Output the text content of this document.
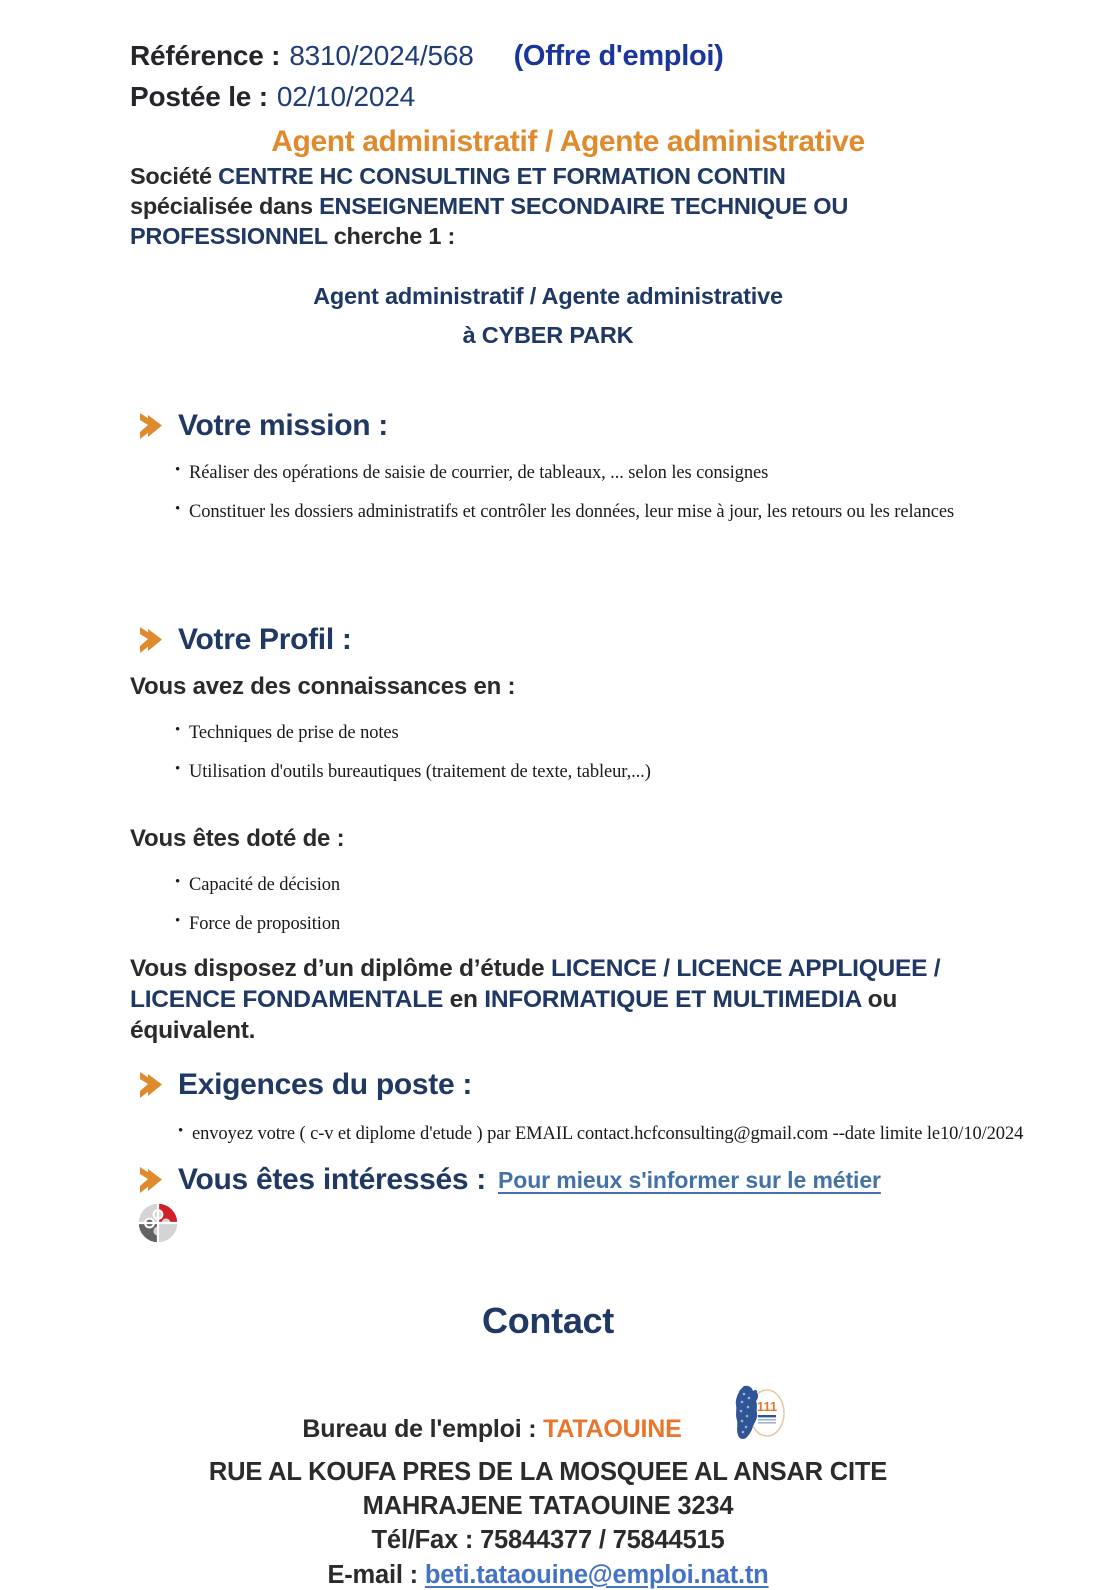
Référence : 8310/2024/568 (Offre d'emploi)
Postée le : 02/10/2024
Agent administratif / Agente administrative
Société CENTRE HC CONSULTING ET FORMATION CONTIN spécialisée dans ENSEIGNEMENT SECONDAIRE TECHNIQUE OU PROFESSIONNEL cherche 1 :
Agent administratif / Agente administrative
à CYBER PARK
Votre mission :
• Réaliser des opérations de saisie de courrier, de tableaux, ... selon les consignes
• Constituer les dossiers administratifs et contrôler les données, leur mise à jour, les retours ou les relances
Votre Profil :
Vous avez des connaissances en :
• Techniques de prise de notes
• Utilisation d'outils bureautiques (traitement de texte, tableur,...)
Vous êtes doté de :
• Capacité de décision
• Force de proposition
Vous disposez d’un diplôme d’étude LICENCE / LICENCE APPLIQUEE / LICENCE FONDAMENTALE en INFORMATIQUE ET MULTIMEDIA ou équivalent.
Exigences du poste :
• envoyez votre ( c-v et diplome d'etude ) par EMAIL contact.hcfconsulting@gmail.com --date limite le10/10/2024
Vous êtes intéressés : Pour mieux s'informer sur le métier
Contact
Bureau de l'emploi : TATAOUINE
111
RUE AL KOUFA PRES DE LA MOSQUEE AL ANSAR CITE
MAHRAJENE TATAOUINE 3234
Tél/Fax : 75844377 / 75844515
E-mail : beti.tataouine@emploi.nat.tn
